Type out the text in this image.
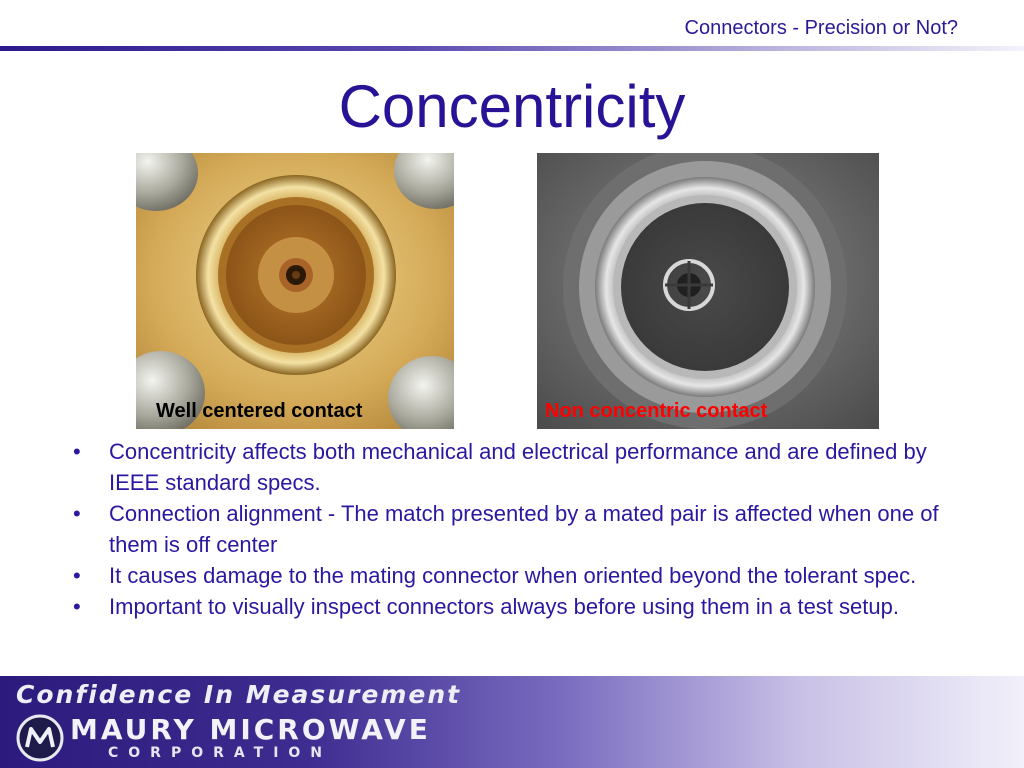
Connectors - Precision or Not?
Concentricity
Well centered contact	Non concentric contact
• Concentricity affects both mechanical and electrical performance and are defined by IEEE standard specs.
• Connection alignment - The match presented by a mated pair is affected when one of them is off center
• It causes damage to the mating connector when oriented beyond the tolerant spec.
• Important to visually inspect connectors always before using them in a test setup.
Confidence In Measurement
MAURY MICROWAVE
CORPORATION
